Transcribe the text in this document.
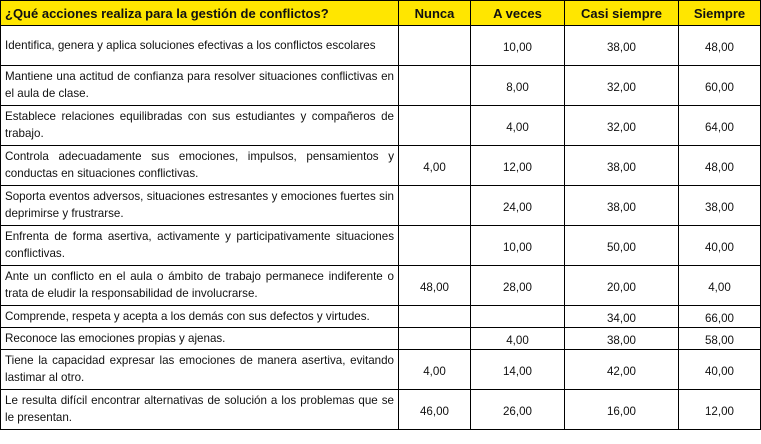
¿Qué acciones realiza para la gestión de conflictos?	Nunca	A veces	Casi siempre	Siempre
Identifica, genera y aplica soluciones efectivas a los conflictos escolares		10,00	38,00	48,00
Mantiene una actitud de confianza para resolver situaciones conflictivas en el aula de clase.		8,00	32,00	60,00
Establece relaciones equilibradas con sus estudiantes y compañeros de trabajo.		4,00	32,00	64,00
Controla adecuadamente sus emociones, impulsos, pensamientos y conductas en situaciones conflictivas.	4,00	12,00	38,00	48,00
Soporta eventos adversos, situaciones estresantes y emociones fuertes sin deprimirse y frustrarse.		24,00	38,00	38,00
Enfrenta de forma asertiva, activamente y participativamente situaciones conflictivas.		10,00	50,00	40,00
Ante un conflicto en el aula o ámbito de trabajo permanece indiferente o trata de eludir la responsabilidad de involucrarse.	48,00	28,00	20,00	4,00
Comprende, respeta y acepta a los demás con sus defectos y virtudes.			34,00	66,00
Reconoce las emociones propias y ajenas.		4,00	38,00	58,00
Tiene la capacidad expresar las emociones de manera asertiva, evitando lastimar al otro.	4,00	14,00	42,00	40,00
Le resulta difícil encontrar alternativas de solución a los problemas que se le presentan.	46,00	26,00	16,00	12,00
